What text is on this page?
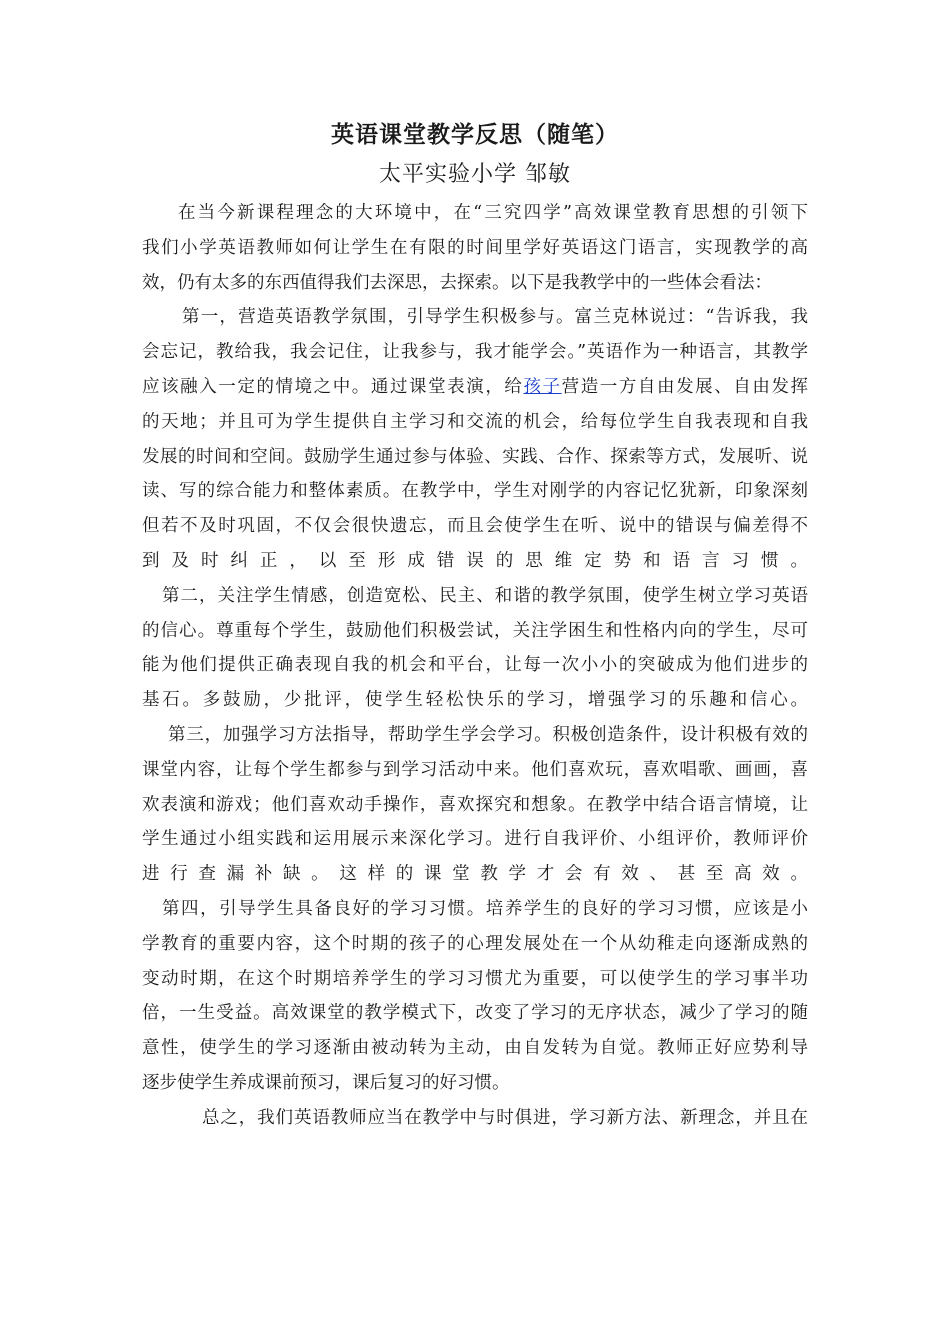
英语课堂教学反思（随笔）
太平实验小学 邹敏
在当今新课程理念的大环境中，在“三究四学”高效课堂教育思想的引领下
我们小学英语教师如何让学生在有限的时间里学好英语这门语言，实现教学的高
效，仍有太多的东西值得我们去深思，去探索。以下是我教学中的一些体会看法：
第一，营造英语教学氛围，引导学生积极参与。富兰克林说过：“告诉我，我
会忘记，教给我，我会记住，让我参与，我才能学会。”英语作为一种语言，其教学
应该融入一定的情境之中。通过课堂表演，给孩子营造一方自由发展、自由发挥
的天地；并且可为学生提供自主学习和交流的机会，给每位学生自我表现和自我
发展的时间和空间。鼓励学生通过参与体验、实践、合作、探索等方式，发展听、说
读、写的综合能力和整体素质。在教学中，学生对刚学的内容记忆犹新，印象深刻
但若不及时巩固，不仅会很快遗忘，而且会使学生在听、说中的错误与偏差得不
到及时纠正，以至形成错误的思维定势和语言习惯。
第二，关注学生情感，创造宽松、民主、和谐的教学氛围，使学生树立学习英语
的信心。尊重每个学生，鼓励他们积极尝试，关注学困生和性格内向的学生，尽可
能为他们提供正确表现自我的机会和平台，让每一次小小的突破成为他们进步的
基石。多鼓励，少批评，使学生轻松快乐的学习，增强学习的乐趣和信心。
第三，加强学习方法指导，帮助学生学会学习。积极创造条件，设计积极有效的
课堂内容，让每个学生都参与到学习活动中来。他们喜欢玩，喜欢唱歌、画画，喜
欢表演和游戏；他们喜欢动手操作，喜欢探究和想象。在教学中结合语言情境，让
学生通过小组实践和运用展示来深化学习。进行自我评价、小组评价，教师评价
进行查漏补缺。这样的课堂教学才会有效、甚至高效。
第四，引导学生具备良好的学习习惯。培养学生的良好的学习习惯，应该是小
学教育的重要内容，这个时期的孩子的心理发展处在一个从幼稚走向逐渐成熟的
变动时期，在这个时期培养学生的学习习惯尤为重要，可以使学生的学习事半功
倍，一生受益。高效课堂的教学模式下，改变了学习的无序状态，减少了学习的随
意性，使学生的学习逐渐由被动转为主动，由自发转为自觉。教师正好应势利导
逐步使学生养成课前预习，课后复习的好习惯。
总之，我们英语教师应当在教学中与时俱进，学习新方法、新理念，并且在
